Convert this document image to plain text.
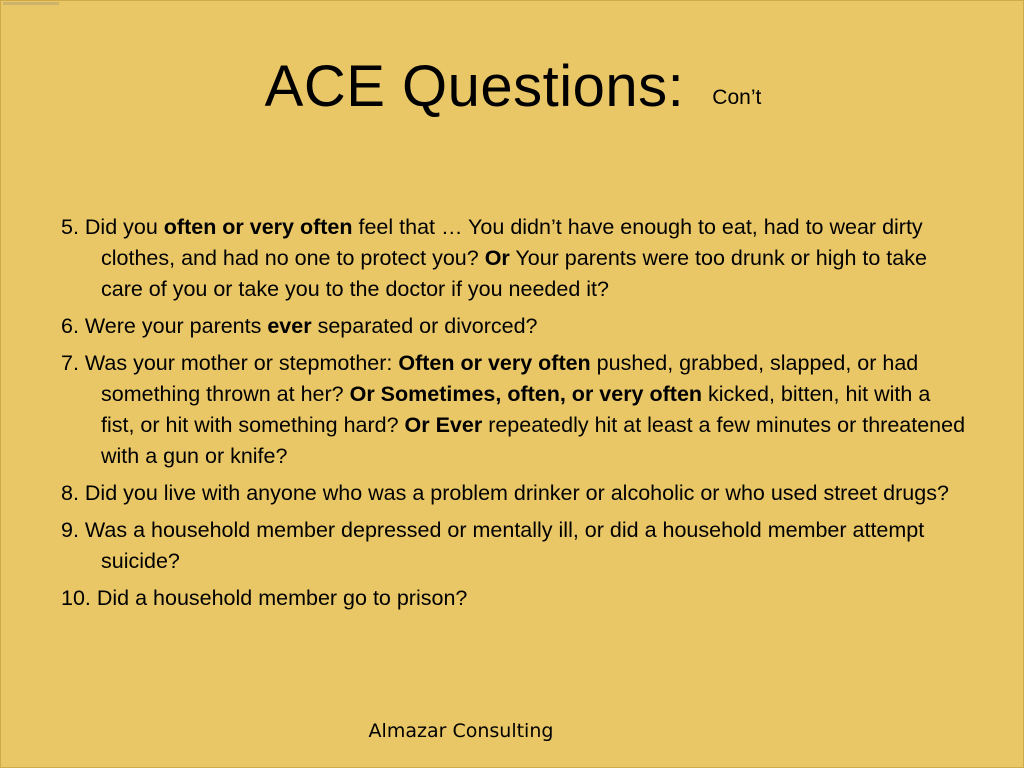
ACE Questions: Con’t

5. Did you often or very often feel that … You didn’t have enough to eat, had to wear dirty clothes, and had no one to protect you? Or Your parents were too drunk or high to take care of you or take you to the doctor if you needed it?

6. Were your parents ever separated or divorced?

7. Was your mother or stepmother: Often or very often pushed, grabbed, slapped, or had something thrown at her? Or Sometimes, often, or very often kicked, bitten, hit with a fist, or hit with something hard? Or Ever repeatedly hit at least a few minutes or threatened with a gun or knife?

8. Did you live with anyone who was a problem drinker or alcoholic or who used street drugs?

9. Was a household member depressed or mentally ill, or did a household member attempt suicide?

10. Did a household member go to prison?

Almazar Consulting
